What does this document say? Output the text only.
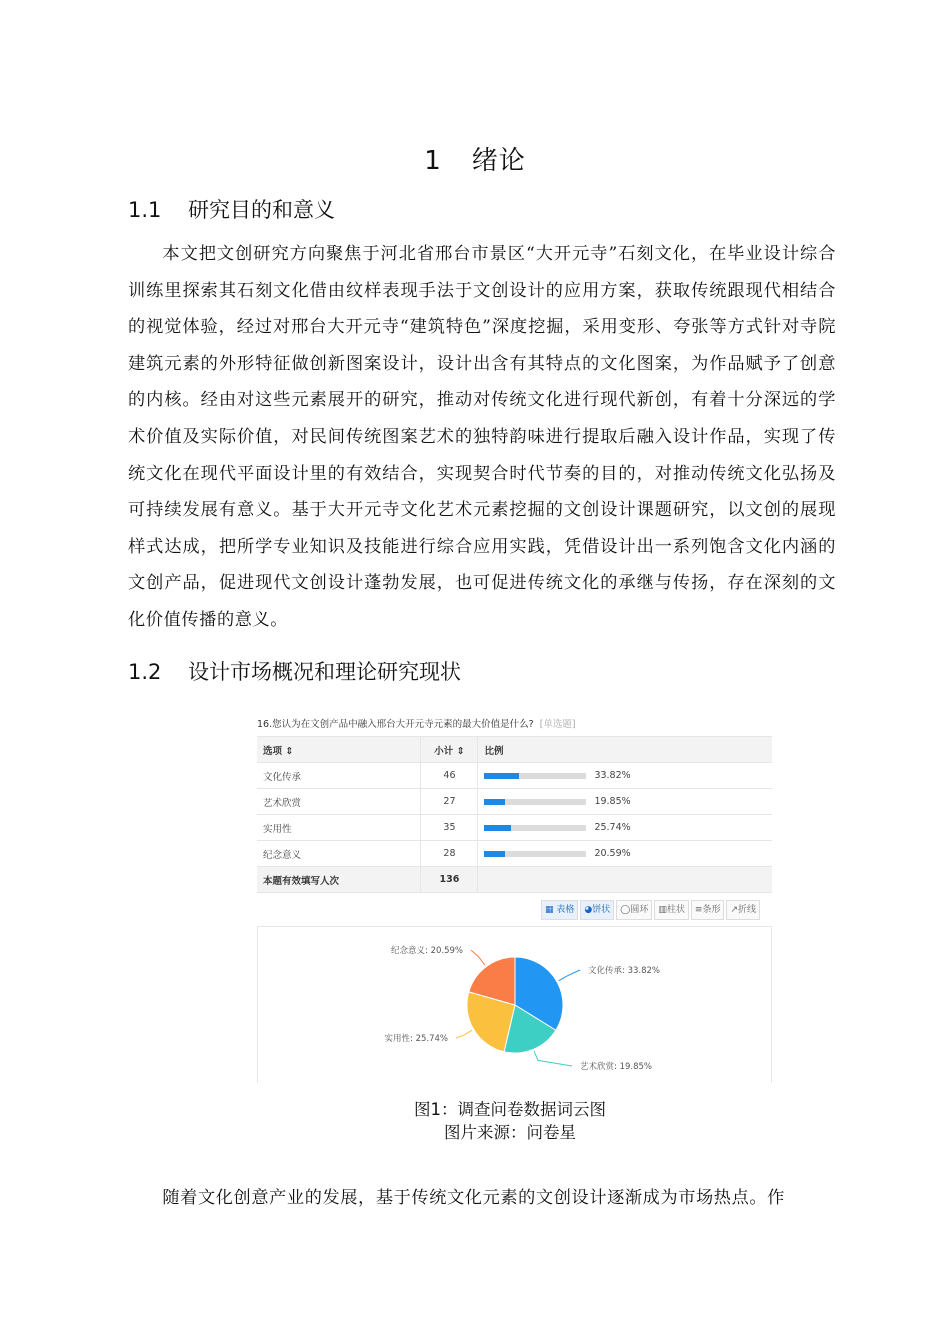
1 绪论
1.1 研究目的和意义
本文把文创研究方向聚焦于河北省邢台市景区“大开元寺”石刻文化，在毕业设计综合训练里探索其石刻文化借由纹样表现手法于文创设计的应用方案，获取传统跟现代相结合的视觉体验，经过对邢台大开元寺“建筑特色”深度挖掘，采用变形、夸张等方式针对寺院建筑元素的外形特征做创新图案设计，设计出含有其特点的文化图案，为作品赋予了创意的内核。经由对这些元素展开的研究，推动对传统文化进行现代新创，有着十分深远的学术价值及实际价值，对民间传统图案艺术的独特韵味进行提取后融入设计作品，实现了传统文化在现代平面设计里的有效结合，实现契合时代节奏的目的，对推动传统文化弘扬及可持续发展有意义。基于大开元寺文化艺术元素挖掘的文创设计课题研究，以文创的展现样式达成，把所学专业知识及技能进行综合应用实践，凭借设计出一系列饱含文化内涵的文创产品，促进现代文创设计蓬勃发展，也可促进传统文化的承继与传扬，存在深刻的文化价值传播的意义。
1.2 设计市场概况和理论研究现状
16.您认为在文创产品中融入邢台大开元寺元素的最大价值是什么? [单选题]
选项 ⇕	小计 ⇕	比例
文化传承	46	33.82%
艺术欣赏	27	19.85%
实用性	35	25.74%
纪念意义	28	20.59%
本题有效填写人次	136	
▦ 表格	◕饼状	◯圆环	▥柱状	≡条形	↗折线
文化传承: 33.82%
艺术欣赏: 19.85%
实用性: 25.74%
纪念意义: 20.59%
图1：调查问卷数据词云图
图片来源：问卷星
随着文化创意产业的发展，基于传统文化元素的文创设计逐渐成为市场热点。作
